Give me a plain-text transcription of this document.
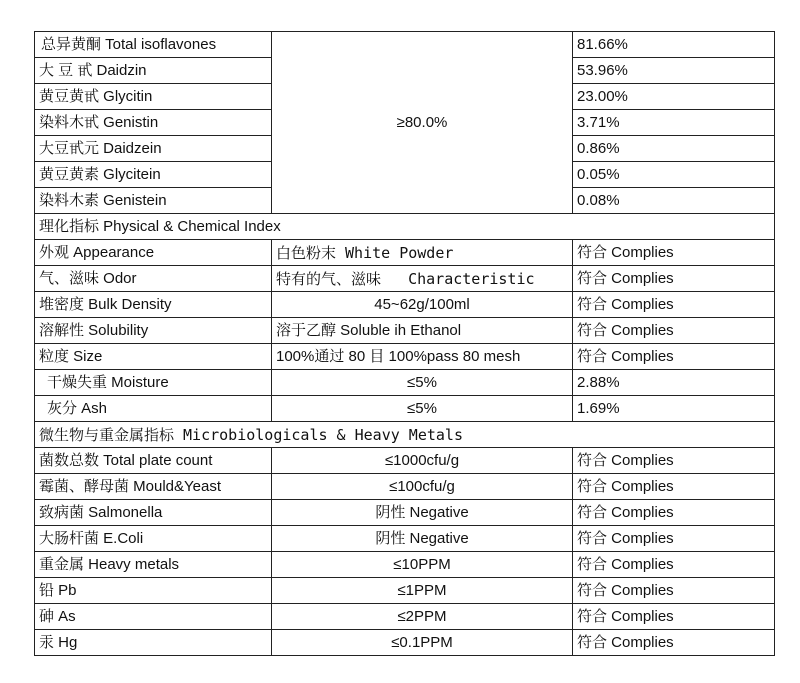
总异黄酮 Total isoflavones	≥80.0%	81.66%
大 豆 甙 Daidzin		53.96%
黄豆黄甙 Glycitin		23.00%
染料木甙 Genistin		3.71%
大豆甙元 Daidzein		0.86%
黄豆黄素 Glycitein		0.05%
染料木素 Genistein		0.08%
理化指标 Physical & Chemical Index		
外观 Appearance	白色粉末 White Powder	符合 Complies
气、滋味 Odor	特有的气、滋味   Characteristic	符合 Complies
堆密度 Bulk Density	45~62g/100ml	符合 Complies
溶解性 Solubility	溶于乙醇 Soluble ih Ethanol	符合 Complies
粒度 Size	100%通过 80 目 100%pass 80 mesh	符合 Complies
干燥失重 Moisture	≤5%	2.88%
灰分 Ash	≤5%	1.69%
微生物与重金属指标 Microbiologicals & Heavy Metals		
菌数总数 Total plate count	≤1000cfu/g	符合 Complies
霉菌、酵母菌 Mould&Yeast	≤100cfu/g	符合 Complies
致病菌 Salmonella	阴性 Negative	符合 Complies
大肠杆菌 E.Coli	阴性 Negative	符合 Complies
重金属 Heavy metals	≤10PPM	符合 Complies
铅 Pb	≤1PPM	符合 Complies
砷 As	≤2PPM	符合 Complies
汞 Hg	≤0.1PPM	符合 Complies
